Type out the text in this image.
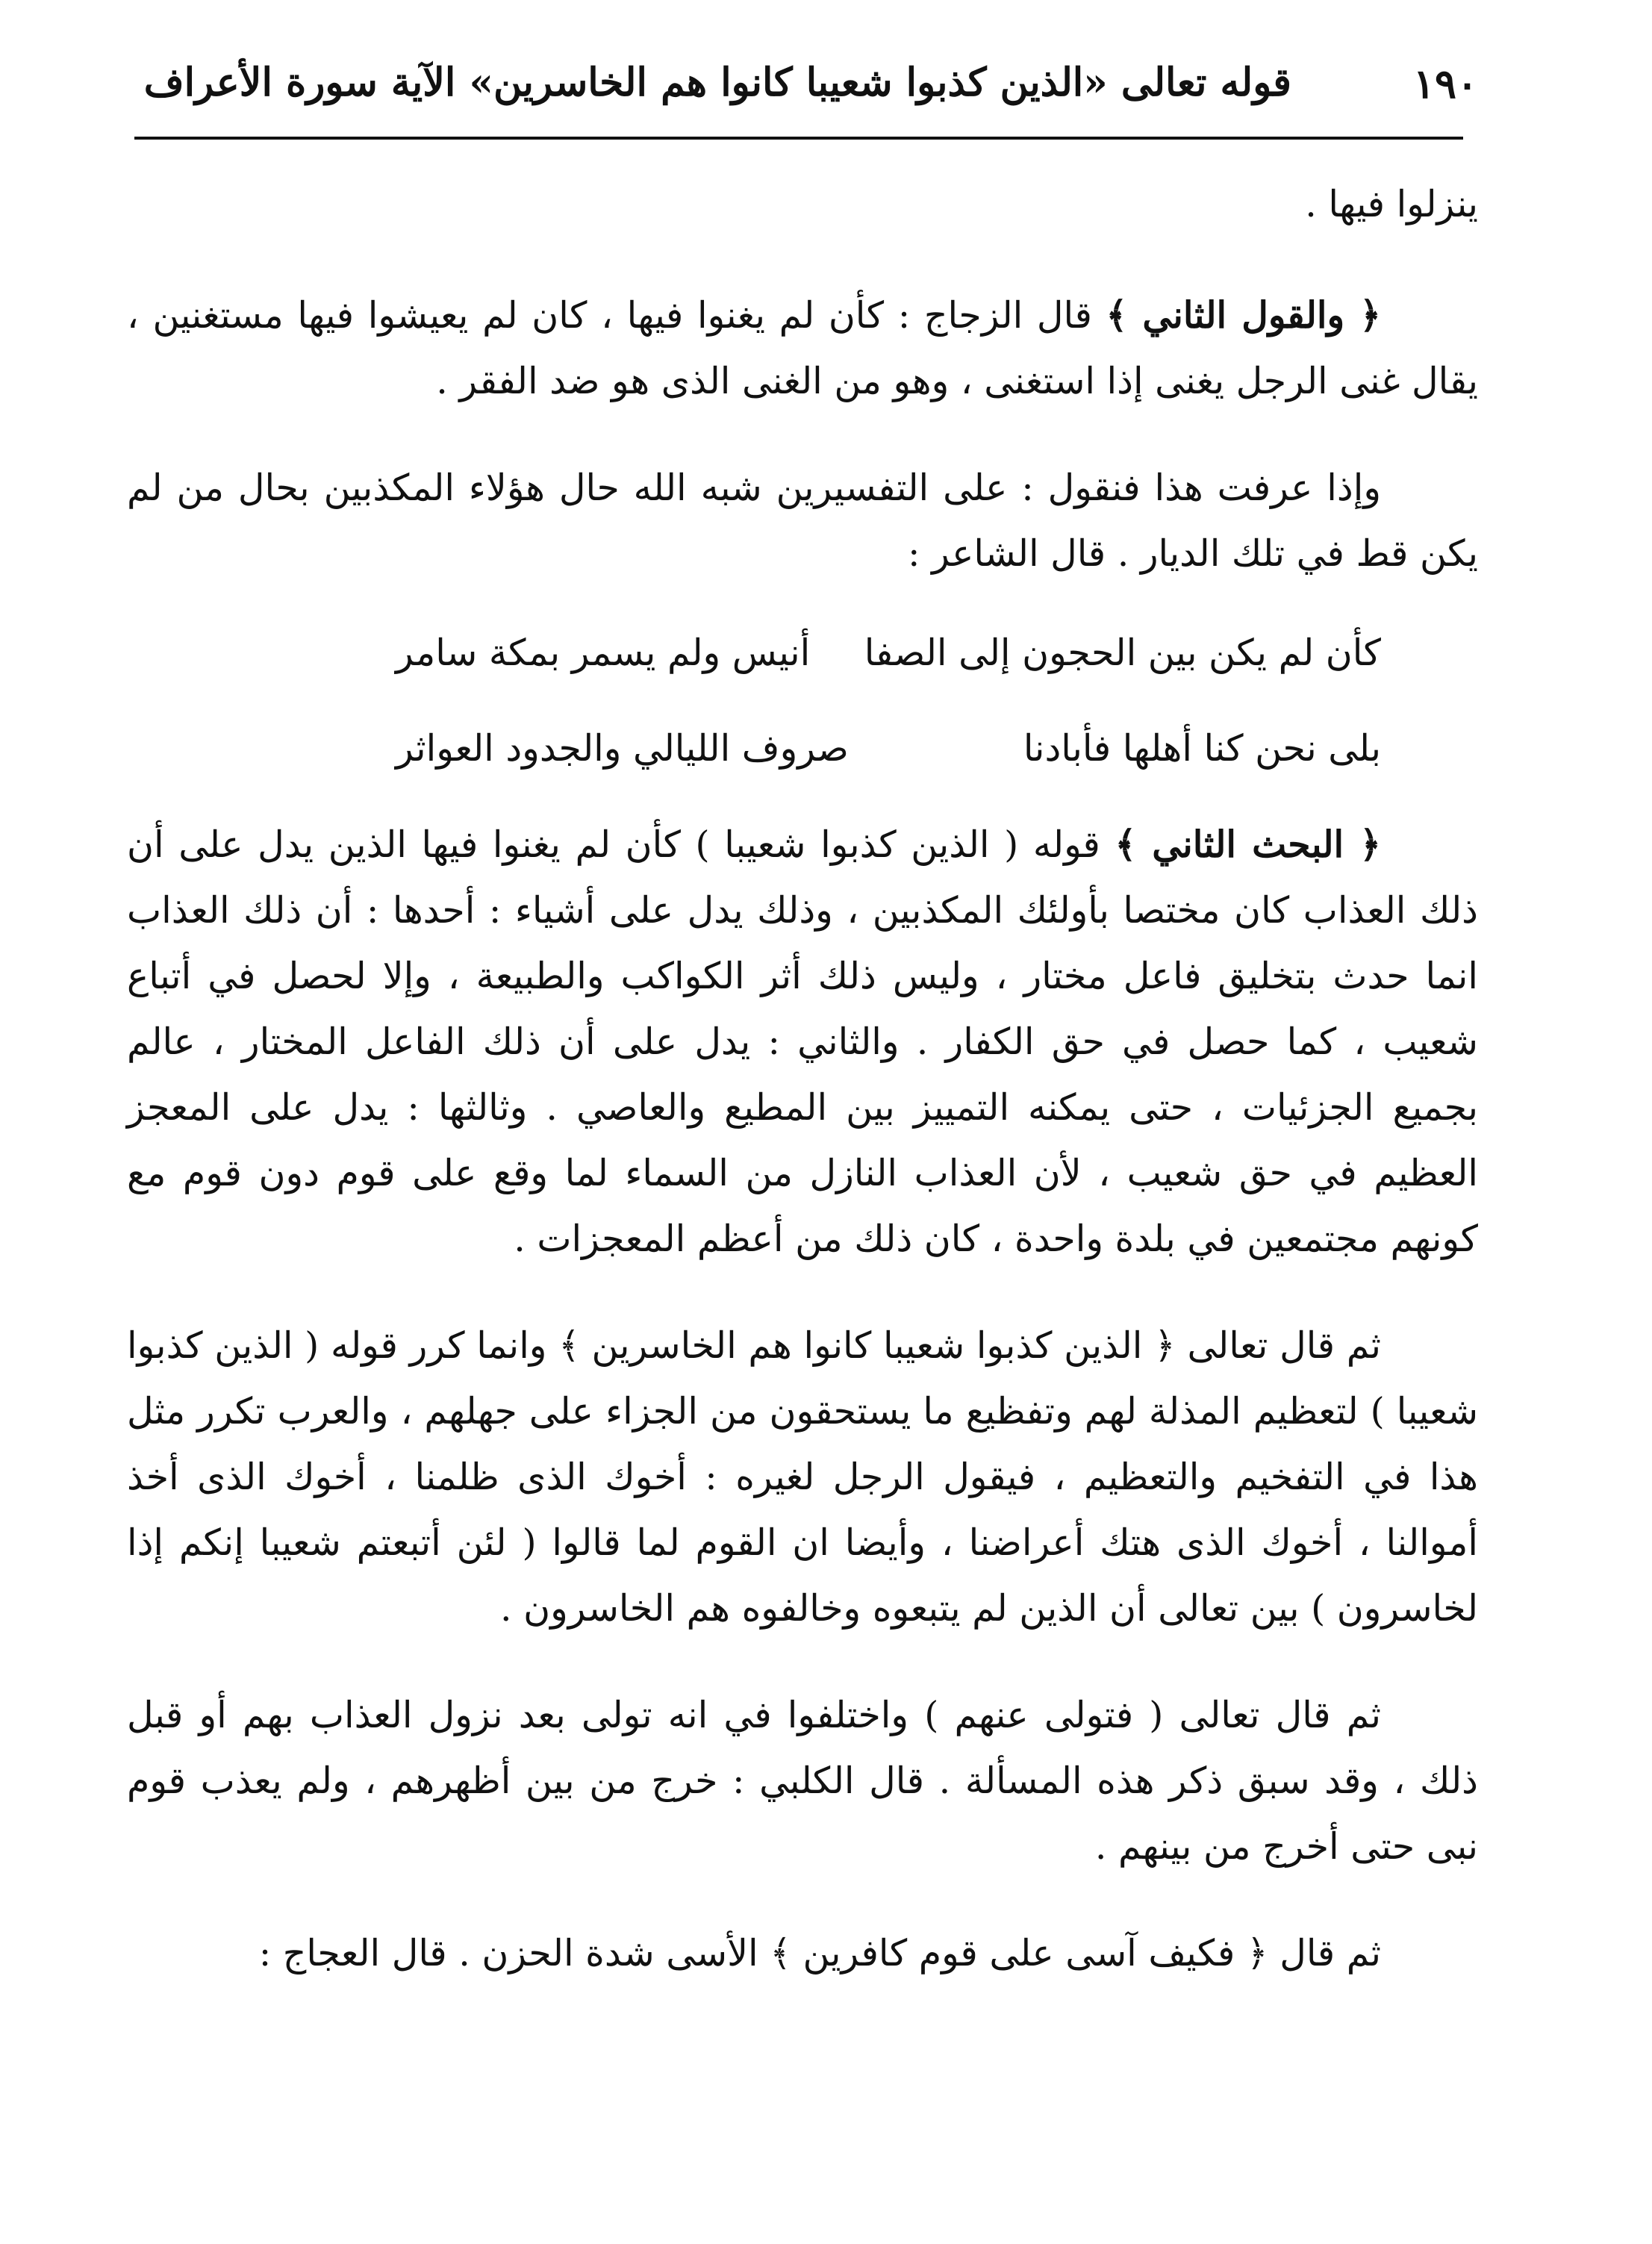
١٩٠
قوله تعالى «الذين كذبوا شعيبا كانوا هم الخاسرين» الآية سورة الأعراف

ينزلوا فيها .

﴿ والقول الثاني ﴾ قال الزجاج : كأن لم يغنوا فيها ، كان لم يعيشوا فيها مستغنين ، يقال غنى الرجل يغنى إذا استغنى ، وهو من الغنى الذى هو ضد الفقر .

وإذا عرفت هذا فنقول : على التفسيرين شبه الله حال هؤلاء المكذبين بحال من لم يكن قط في تلك الديار . قال الشاعر :

كأن لم يكن بين الحجون إلى الصفا
أنيس ولم يسمر بمكة سامر
بلى نحن كنا أهلها فأبادنا
صروف الليالي والجدود العواثر

﴿ البحث الثاني ﴾ قوله ( الذين كذبوا شعيبا ) كأن لم يغنوا فيها الذين يدل على أن ذلك العذاب كان مختصا بأولئك المكذبين ، وذلك يدل على أشياء : أحدها : أن ذلك العذاب انما حدث بتخليق فاعل مختار ، وليس ذلك أثر الكواكب والطبيعة ، وإلا لحصل في أتباع شعيب ، كما حصل في حق الكفار . والثاني : يدل على أن ذلك الفاعل المختار ، عالم بجميع الجزئيات ، حتى يمكنه التمييز بين المطيع والعاصي . وثالثها : يدل على المعجز العظيم في حق شعيب ، لأن العذاب النازل من السماء لما وقع على قوم دون قوم مع كونهم مجتمعين في بلدة واحدة ، كان ذلك من أعظم المعجزات .

ثم قال تعالى ﴿ الذين كذبوا شعيبا كانوا هم الخاسرين ﴾ وانما كرر قوله ( الذين كذبوا شعيبا ) لتعظيم المذلة لهم وتفظيع ما يستحقون من الجزاء على جهلهم ، والعرب تكرر مثل هذا في التفخيم والتعظيم ، فيقول الرجل لغيره : أخوك الذى ظلمنا ، أخوك الذى أخذ أموالنا ، أخوك الذى هتك أعراضنا ، وأيضا ان القوم لما قالوا ( لئن أتبعتم شعيبا إنكم إذا لخاسرون ) بين تعالى أن الذين لم يتبعوه وخالفوه هم الخاسرون .

ثم قال تعالى ( فتولى عنهم ) واختلفوا في انه تولى بعد نزول العذاب بهم أو قبل ذلك ، وقد سبق ذكر هذه المسألة . قال الكلبي : خرج من بين أظهرهم ، ولم يعذب قوم نبى حتى أخرج من بينهم .

ثم قال ﴿ فكيف آسى على قوم كافرين ﴾ الأسى شدة الحزن . قال العجاج :
